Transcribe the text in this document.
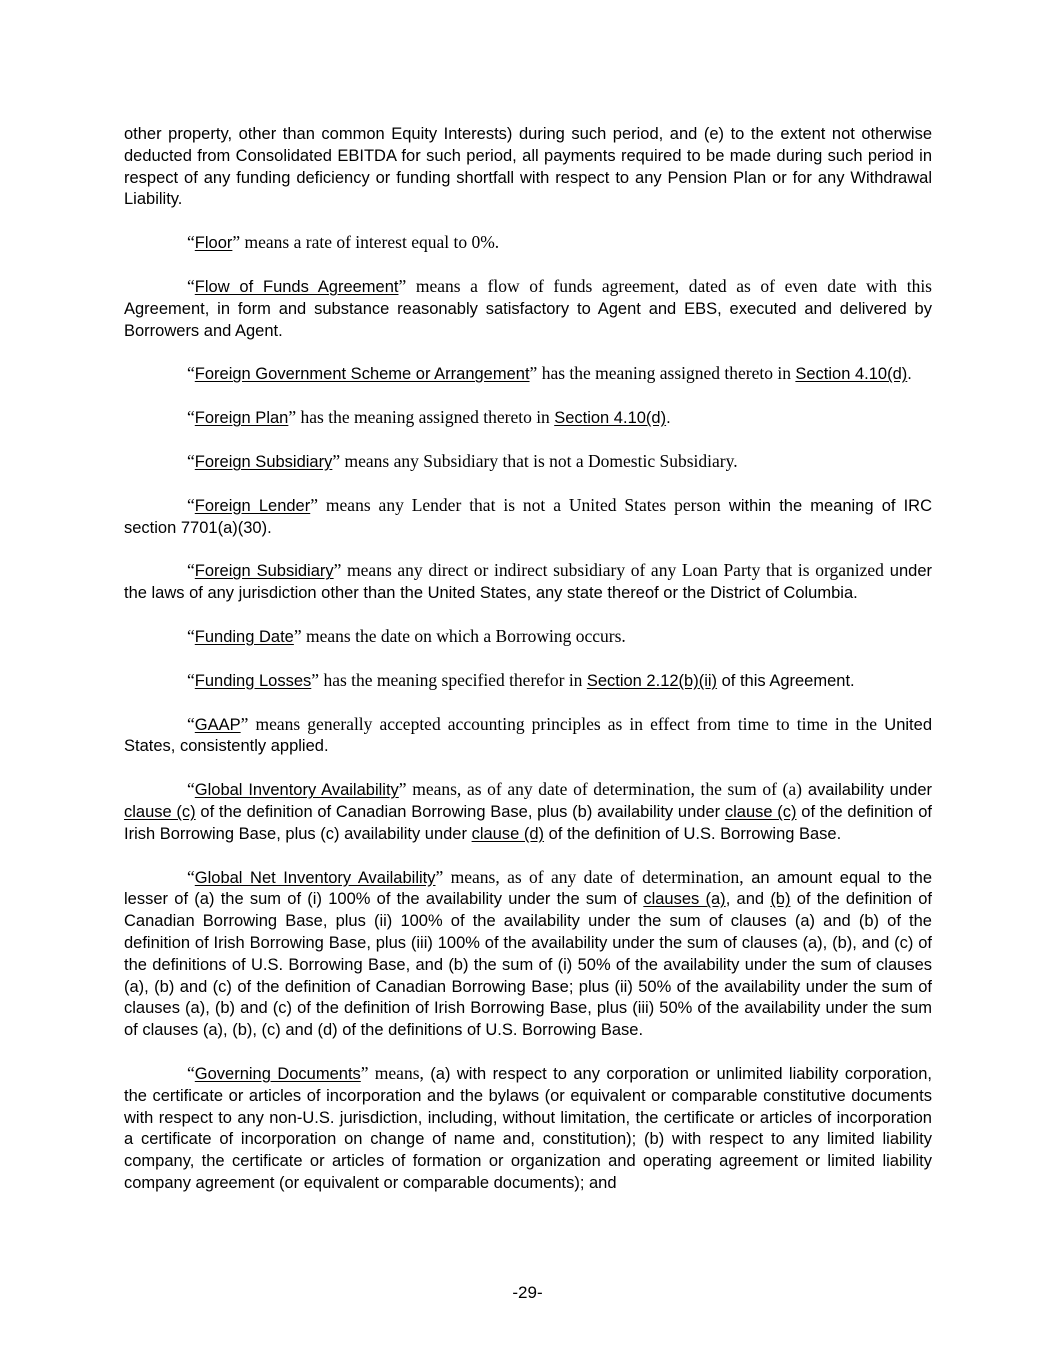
other property, other than common Equity Interests) during such period, and (e) to the extent not otherwise deducted from Consolidated EBITDA for such period, all payments required to be made during such period in respect of any funding deficiency or funding shortfall with respect to any Pension Plan or for any Withdrawal Liability.

“Floor” means a rate of interest equal to 0%.

“Flow of Funds Agreement” means a flow of funds agreement, dated as of even date with this Agreement, in form and substance reasonably satisfactory to Agent and EBS, executed and delivered by Borrowers and Agent.

“Foreign Government Scheme or Arrangement” has the meaning assigned thereto in Section 4.10(d).

“Foreign Plan” has the meaning assigned thereto in Section 4.10(d).

“Foreign Subsidiary” means any Subsidiary that is not a Domestic Subsidiary.

“Foreign Lender” means any Lender that is not a United States person within the meaning of IRC section 7701(a)(30).

“Foreign Subsidiary” means any direct or indirect subsidiary of any Loan Party that is organized under the laws of any jurisdiction other than the United States, any state thereof or the District of Columbia.

“Funding Date” means the date on which a Borrowing occurs.

“Funding Losses” has the meaning specified therefor in Section 2.12(b)(ii) of this Agreement.

“GAAP” means generally accepted accounting principles as in effect from time to time in the United States, consistently applied.

“Global Inventory Availability” means, as of any date of determination, the sum of (a) availability under clause (c) of the definition of Canadian Borrowing Base, plus (b) availability under clause (c) of the definition of Irish Borrowing Base, plus (c) availability under clause (d) of the definition of U.S. Borrowing Base.

“Global Net Inventory Availability” means, as of any date of determination, an amount equal to the lesser of (a) the sum of (i) 100% of the availability under the sum of clauses (a), and (b) of the definition of Canadian Borrowing Base, plus (ii) 100% of the availability under the sum of clauses (a) and (b) of the definition of Irish Borrowing Base, plus (iii) 100% of the availability under the sum of clauses (a), (b), and (c) of the definitions of U.S. Borrowing Base, and (b) the sum of (i) 50% of the availability under the sum of clauses (a), (b) and (c) of the definition of Canadian Borrowing Base; plus (ii) 50% of the availability under the sum of clauses (a), (b) and (c) of the definition of Irish Borrowing Base, plus (iii) 50% of the availability under the sum of clauses (a), (b), (c) and (d) of the definitions of U.S. Borrowing Base.

“Governing Documents” means, (a) with respect to any corporation or unlimited liability corporation, the certificate or articles of incorporation and the bylaws (or equivalent or comparable constitutive documents with respect to any non-U.S. jurisdiction, including, without limitation, the certificate or articles of incorporation a certificate of incorporation on change of name and, constitution); (b) with respect to any limited liability company, the certificate or articles of formation or organization and operating agreement or limited liability company agreement (or equivalent or comparable documents); and

-29-
